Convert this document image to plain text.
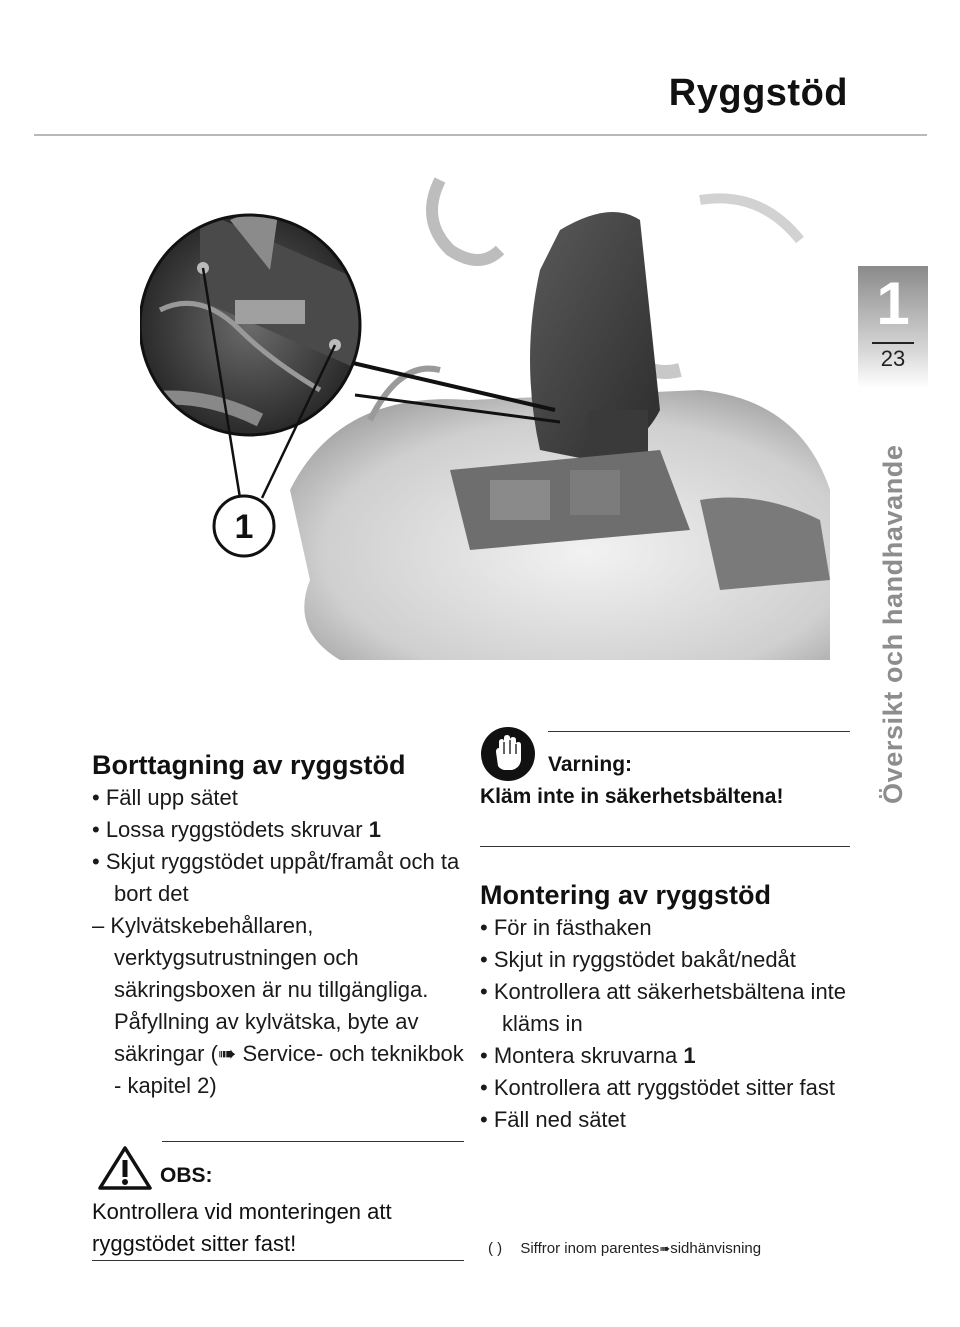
Ryggstöd
1
23
Översikt och handhavande
1
Borttagning av ryggstöd
• Fäll upp sätet
• Lossa ryggstödets skruvar 1
• Skjut ryggstödet uppåt/framåt och ta bort det
– Kylvätskebehållaren, verktygsutrustningen och säkringsboxen är nu tillgängliga. Påfyllning av kylvätska, byte av säkringar (➠ Service- och teknikbok - kapitel 2)
OBS:
Kontrollera vid monteringen att ryggstödet sitter fast!
Varning:
Kläm inte in säkerhetsbältena!
Montering av ryggstöd
• För in fästhaken
• Skjut in ryggstödet bakåt/nedåt
• Kontrollera att säkerhetsbältena inte kläms in
• Montera skruvarna 1
• Kontrollera att ryggstödet sitter fast
• Fäll ned sätet
( ) Siffror inom parentes➠sidhänvisning
